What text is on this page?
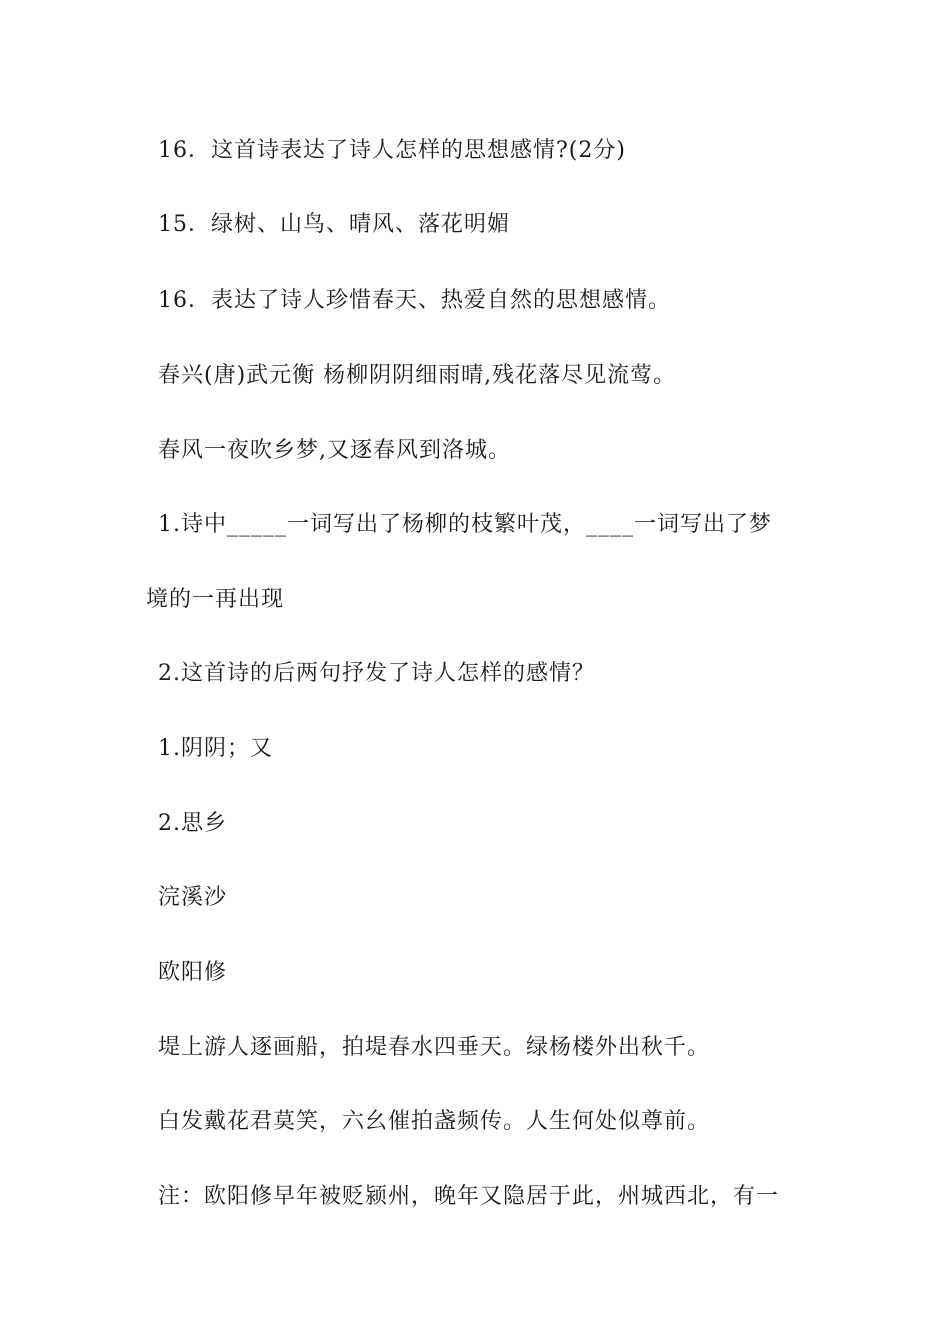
16．这首诗表达了诗人怎样的思想感情?(2分)
15．绿树、山鸟、晴风、落花明媚
16．表达了诗人珍惜春天、热爱自然的思想感情。
春兴(唐)武元衡 杨柳阴阴细雨晴,残花落尽见流莺。
春风一夜吹乡梦,又逐春风到洛城。
1.诗中_____一词写出了杨柳的枝繁叶茂，____一词写出了梦
境的一再出现
2.这首诗的后两句抒发了诗人怎样的感情？
1.阴阴；又
2.思乡
浣溪沙
欧阳修
堤上游人逐画船，拍堤春水四垂天。绿杨楼外出秋千。
白发戴花君莫笑，六幺催拍盏频传。人生何处似尊前。
注：欧阳修早年被贬颍州，晚年又隐居于此，州城西北，有一
